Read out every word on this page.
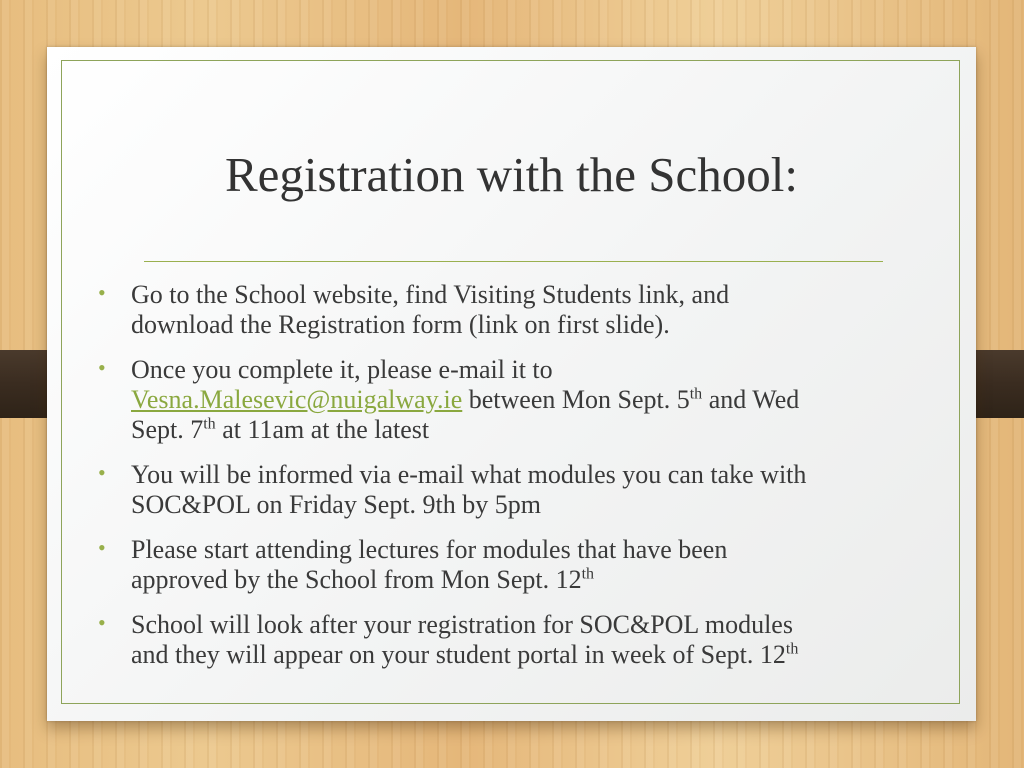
Registration with the School:
• Go to the School website, find Visiting Students link, and
download the Registration form (link on first slide).
• Once you complete it, please e-mail it to
Vesna.Malesevic@nuigalway.ie between Mon Sept. 5th and Wed
Sept. 7th at 11am at the latest
• You will be informed via e-mail what modules you can take with
SOC&POL on Friday Sept. 9th by 5pm
• Please start attending lectures for modules that have been
approved by the School from Mon Sept. 12th
• School will look after your registration for SOC&POL modules
and they will appear on your student portal in week of Sept. 12th
